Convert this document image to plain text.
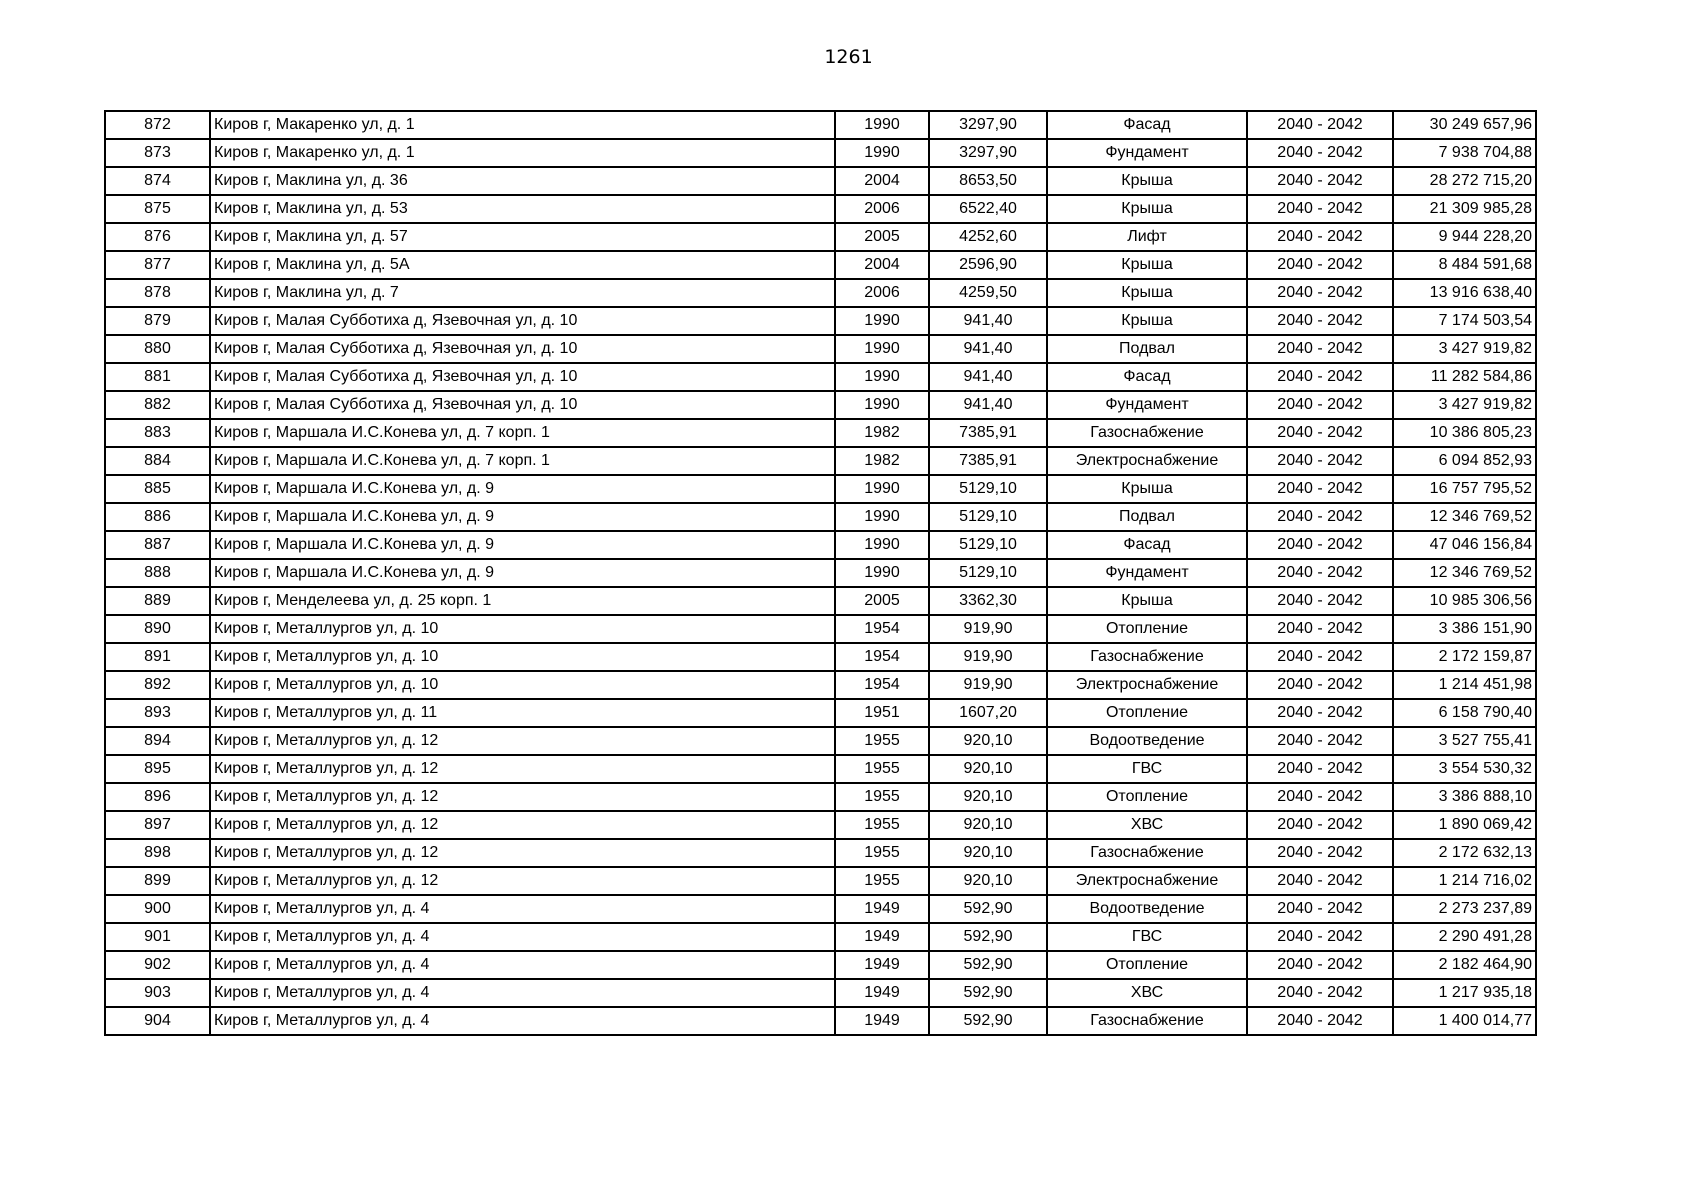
1261
872	Киров г, Макаренко ул, д. 1	1990	3297,90	Фасад	2040 - 2042	30 249 657,96
873	Киров г, Макаренко ул, д. 1	1990	3297,90	Фундамент	2040 - 2042	7 938 704,88
874	Киров г, Маклина ул, д. 36	2004	8653,50	Крыша	2040 - 2042	28 272 715,20
875	Киров г, Маклина ул, д. 53	2006	6522,40	Крыша	2040 - 2042	21 309 985,28
876	Киров г, Маклина ул, д. 57	2005	4252,60	Лифт	2040 - 2042	9 944 228,20
877	Киров г, Маклина ул, д. 5А	2004	2596,90	Крыша	2040 - 2042	8 484 591,68
878	Киров г, Маклина ул, д. 7	2006	4259,50	Крыша	2040 - 2042	13 916 638,40
879	Киров г, Малая Субботиха д, Язевочная ул, д. 10	1990	941,40	Крыша	2040 - 2042	7 174 503,54
880	Киров г, Малая Субботиха д, Язевочная ул, д. 10	1990	941,40	Подвал	2040 - 2042	3 427 919,82
881	Киров г, Малая Субботиха д, Язевочная ул, д. 10	1990	941,40	Фасад	2040 - 2042	11 282 584,86
882	Киров г, Малая Субботиха д, Язевочная ул, д. 10	1990	941,40	Фундамент	2040 - 2042	3 427 919,82
883	Киров г, Маршала И.С.Конева ул, д. 7 корп. 1	1982	7385,91	Газоснабжение	2040 - 2042	10 386 805,23
884	Киров г, Маршала И.С.Конева ул, д. 7 корп. 1	1982	7385,91	Электроснабжение	2040 - 2042	6 094 852,93
885	Киров г, Маршала И.С.Конева ул, д. 9	1990	5129,10	Крыша	2040 - 2042	16 757 795,52
886	Киров г, Маршала И.С.Конева ул, д. 9	1990	5129,10	Подвал	2040 - 2042	12 346 769,52
887	Киров г, Маршала И.С.Конева ул, д. 9	1990	5129,10	Фасад	2040 - 2042	47 046 156,84
888	Киров г, Маршала И.С.Конева ул, д. 9	1990	5129,10	Фундамент	2040 - 2042	12 346 769,52
889	Киров г, Менделеева ул, д. 25 корп. 1	2005	3362,30	Крыша	2040 - 2042	10 985 306,56
890	Киров г, Металлургов ул, д. 10	1954	919,90	Отопление	2040 - 2042	3 386 151,90
891	Киров г, Металлургов ул, д. 10	1954	919,90	Газоснабжение	2040 - 2042	2 172 159,87
892	Киров г, Металлургов ул, д. 10	1954	919,90	Электроснабжение	2040 - 2042	1 214 451,98
893	Киров г, Металлургов ул, д. 11	1951	1607,20	Отопление	2040 - 2042	6 158 790,40
894	Киров г, Металлургов ул, д. 12	1955	920,10	Водоотведение	2040 - 2042	3 527 755,41
895	Киров г, Металлургов ул, д. 12	1955	920,10	ГВС	2040 - 2042	3 554 530,32
896	Киров г, Металлургов ул, д. 12	1955	920,10	Отопление	2040 - 2042	3 386 888,10
897	Киров г, Металлургов ул, д. 12	1955	920,10	ХВС	2040 - 2042	1 890 069,42
898	Киров г, Металлургов ул, д. 12	1955	920,10	Газоснабжение	2040 - 2042	2 172 632,13
899	Киров г, Металлургов ул, д. 12	1955	920,10	Электроснабжение	2040 - 2042	1 214 716,02
900	Киров г, Металлургов ул, д. 4	1949	592,90	Водоотведение	2040 - 2042	2 273 237,89
901	Киров г, Металлургов ул, д. 4	1949	592,90	ГВС	2040 - 2042	2 290 491,28
902	Киров г, Металлургов ул, д. 4	1949	592,90	Отопление	2040 - 2042	2 182 464,90
903	Киров г, Металлургов ул, д. 4	1949	592,90	ХВС	2040 - 2042	1 217 935,18
904	Киров г, Металлургов ул, д. 4	1949	592,90	Газоснабжение	2040 - 2042	1 400 014,77
